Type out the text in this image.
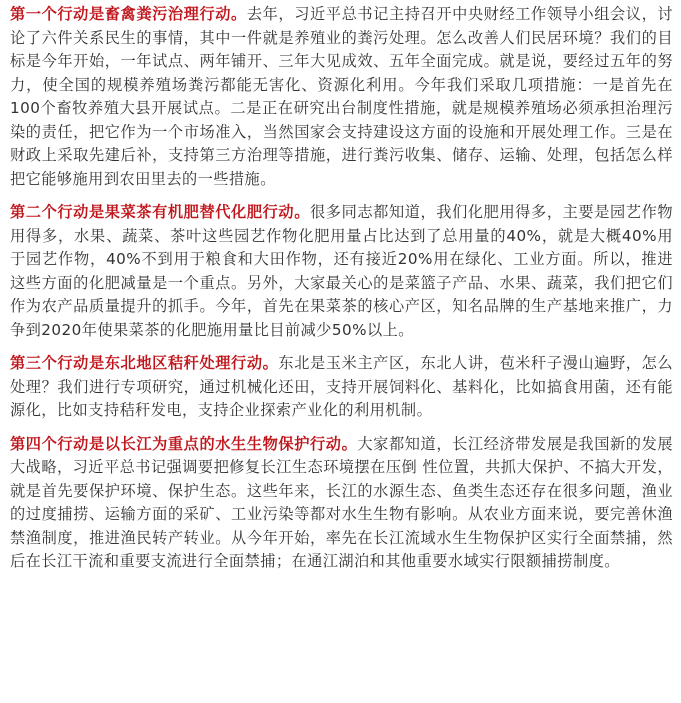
第一个行动是畜禽粪污治理行动。去年，习近平总书记主持召开中央财经工作领导小组会议，讨论了六件关系民生的事情，其中一件就是养殖业的粪污处理。怎么改善人们民居环境？我们的目标是今年开始，一年试点、两年铺开、三年大见成效、五年全面完成。就是说，要经过五年的努力，使全国的规模养殖场粪污都能无害化、资源化利用。今年我们采取几项措施：一是首先在100个畜牧养殖大县开展试点。二是正在研究出台制度性措施，就是规模养殖场必须承担治理污染的责任，把它作为一个市场准入，当然国家会支持建设这方面的设施和开展处理工作。三是在财政上采取先建后补，支持第三方治理等措施，进行粪污收集、储存、运输、处理，包括怎么样把它能够施用到农田里去的一些措施。

第二个行动是果菜茶有机肥替代化肥行动。很多同志都知道，我们化肥用得多，主要是园艺作物用得多，水果、蔬菜、茶叶这些园艺作物化肥用量占比达到了总用量的40%，就是大概40%用于园艺作物，40%不到用于粮食和大田作物，还有接近20%用在绿化、工业方面。所以，推进这些方面的化肥减量是一个重点。另外，大家最关心的是菜篮子产品、水果、蔬菜，我们把它们作为农产品质量提升的抓手。今年，首先在果菜茶的核心产区，知名品牌的生产基地来推广，力争到2020年使果菜茶的化肥施用量比目前减少50%以上。

第三个行动是东北地区秸秆处理行动。东北是玉米主产区，东北人讲，苞米秆子漫山遍野，怎么处理？我们进行专项研究，通过机械化还田，支持开展饲料化、基料化，比如搞食用菌，还有能源化，比如支持秸秆发电，支持企业探索产业化的利用机制。

第四个行动是以长江为重点的水生生物保护行动。大家都知道，长江经济带发展是我国新的发展大战略，习近平总书记强调要把修复长江生态环境摆在压倒 性位置，共抓大保护、不搞大开发，就是首先要保护环境、保护生态。这些年来，长江的水源生态、鱼类生态还存在很多问题，渔业的过度捕捞、运输方面的采矿、工业污染等都对水生生物有影响。从农业方面来说，要完善休渔禁渔制度，推进渔民转产转业。从今年开始，率先在长江流域水生生物保护区实行全面禁捕，然后在长江干流和重要支流进行全面禁捕；在通江湖泊和其他重要水域实行限额捕捞制度。
